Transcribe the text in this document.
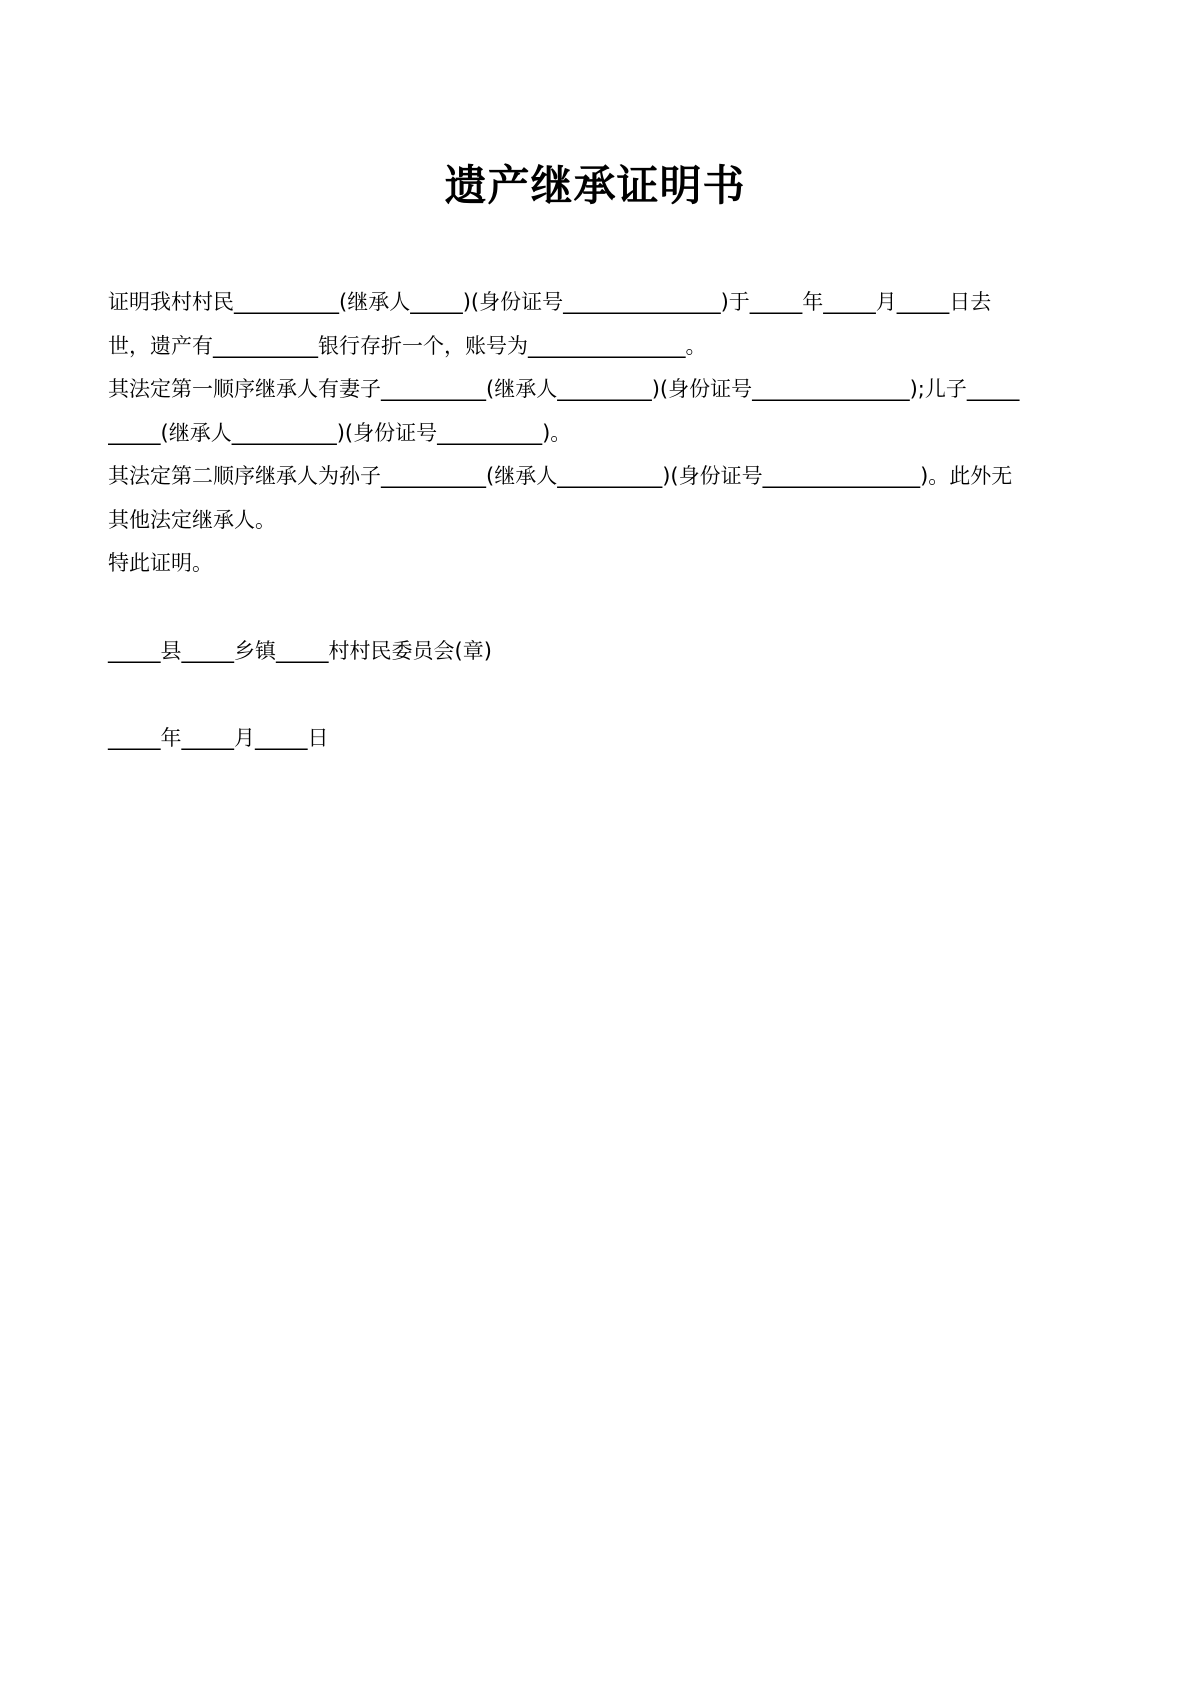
遗产继承证明书
证明我村村民__________(继承人_____)(身份证号_______________)于_____年_____月_____日去
世，遗产有__________银行存折一个，账号为_______________。
其法定第一顺序继承人有妻子__________(继承人_________)(身份证号_______________);儿子_____
_____(继承人__________)(身份证号__________)。
其法定第二顺序继承人为孙子__________(继承人__________)(身份证号_______________)。此外无
其他法定继承人。
特此证明。
_____县_____乡镇_____村村民委员会(章)
_____年_____月_____日
